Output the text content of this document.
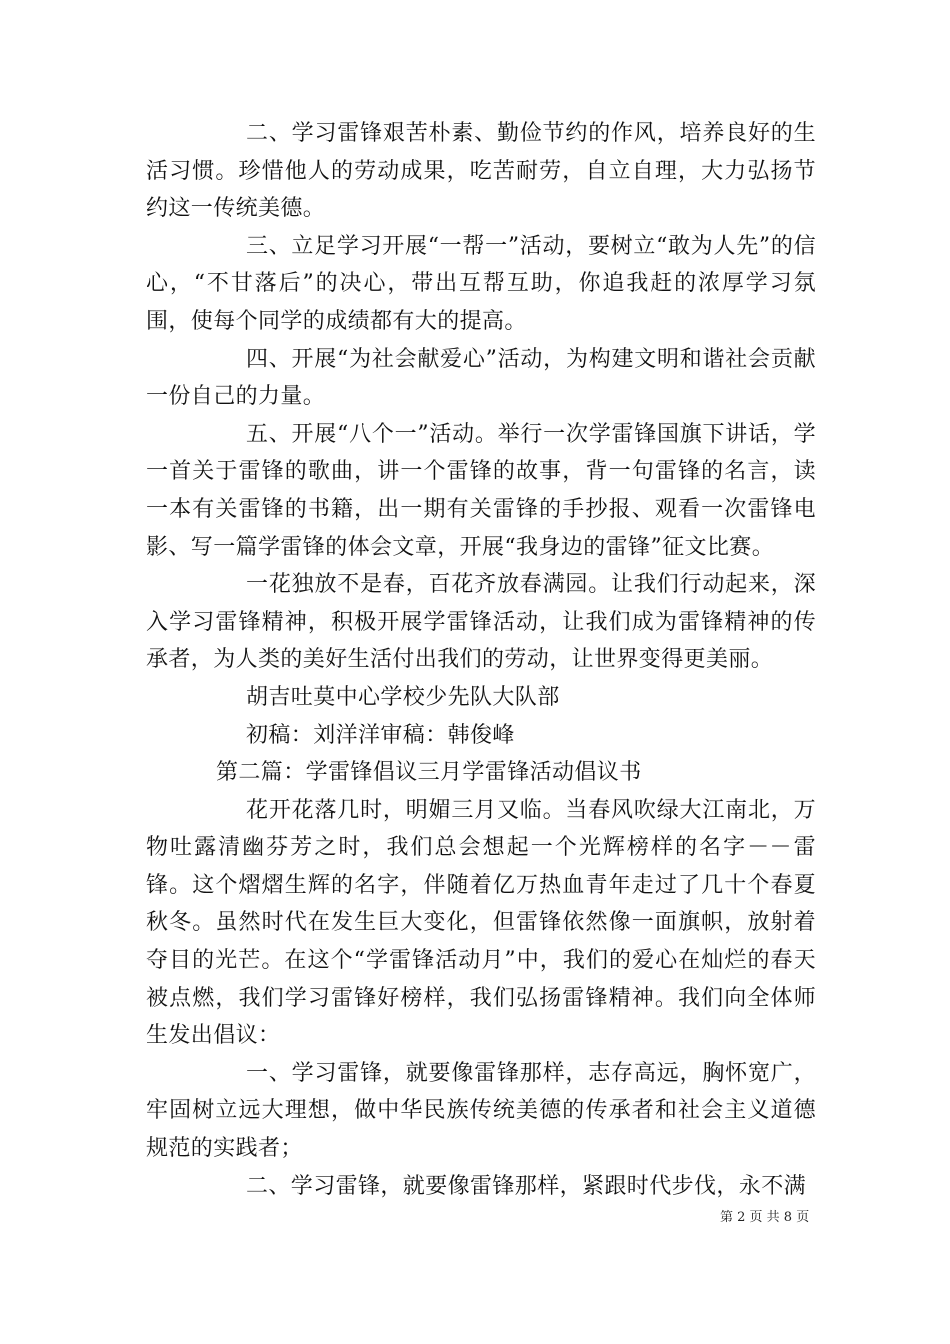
二、学习雷锋艰苦朴素、勤俭节约的作风，培养良好的生活习惯。珍惜他人的劳动成果，吃苦耐劳，自立自理，大力弘扬节约这一传统美德。

三、立足学习开展“一帮一”活动，要树立“敢为人先”的信心，“不甘落后”的决心，带出互帮互助，你追我赶的浓厚学习氛围，使每个同学的成绩都有大的提高。

四、开展“为社会献爱心”活动，为构建文明和谐社会贡献一份自己的力量。

五、开展“八个一”活动。举行一次学雷锋国旗下讲话，学一首关于雷锋的歌曲，讲一个雷锋的故事，背一句雷锋的名言，读一本有关雷锋的书籍，出一期有关雷锋的手抄报、观看一次雷锋电影、写一篇学雷锋的体会文章，开展“我身边的雷锋”征文比赛。

一花独放不是春，百花齐放春满园。让我们行动起来，深入学习雷锋精神，积极开展学雷锋活动，让我们成为雷锋精神的传承者，为人类的美好生活付出我们的劳动，让世界变得更美丽。

胡吉吐莫中心学校少先队大队部

初稿：刘洋洋审稿：韩俊峰

第二篇：学雷锋倡议三月学雷锋活动倡议书

花开花落几时，明媚三月又临。当春风吹绿大江南北，万物吐露清幽芬芳之时，我们总会想起一个光辉榜样的名字－－雷锋。这个熠熠生辉的名字，伴随着亿万热血青年走过了几十个春夏秋冬。虽然时代在发生巨大变化，但雷锋依然像一面旗帜，放射着夺目的光芒。在这个“学雷锋活动月”中，我们的爱心在灿烂的春天被点燃，我们学习雷锋好榜样，我们弘扬雷锋精神。我们向全体师生发出倡议：

一、学习雷锋，就要像雷锋那样，志存高远，胸怀宽广，牢固树立远大理想，做中华民族传统美德的传承者和社会主义道德规范的实践者；

二、学习雷锋，就要像雷锋那样，紧跟时代步伐，永不满

第 2 页 共 8 页
